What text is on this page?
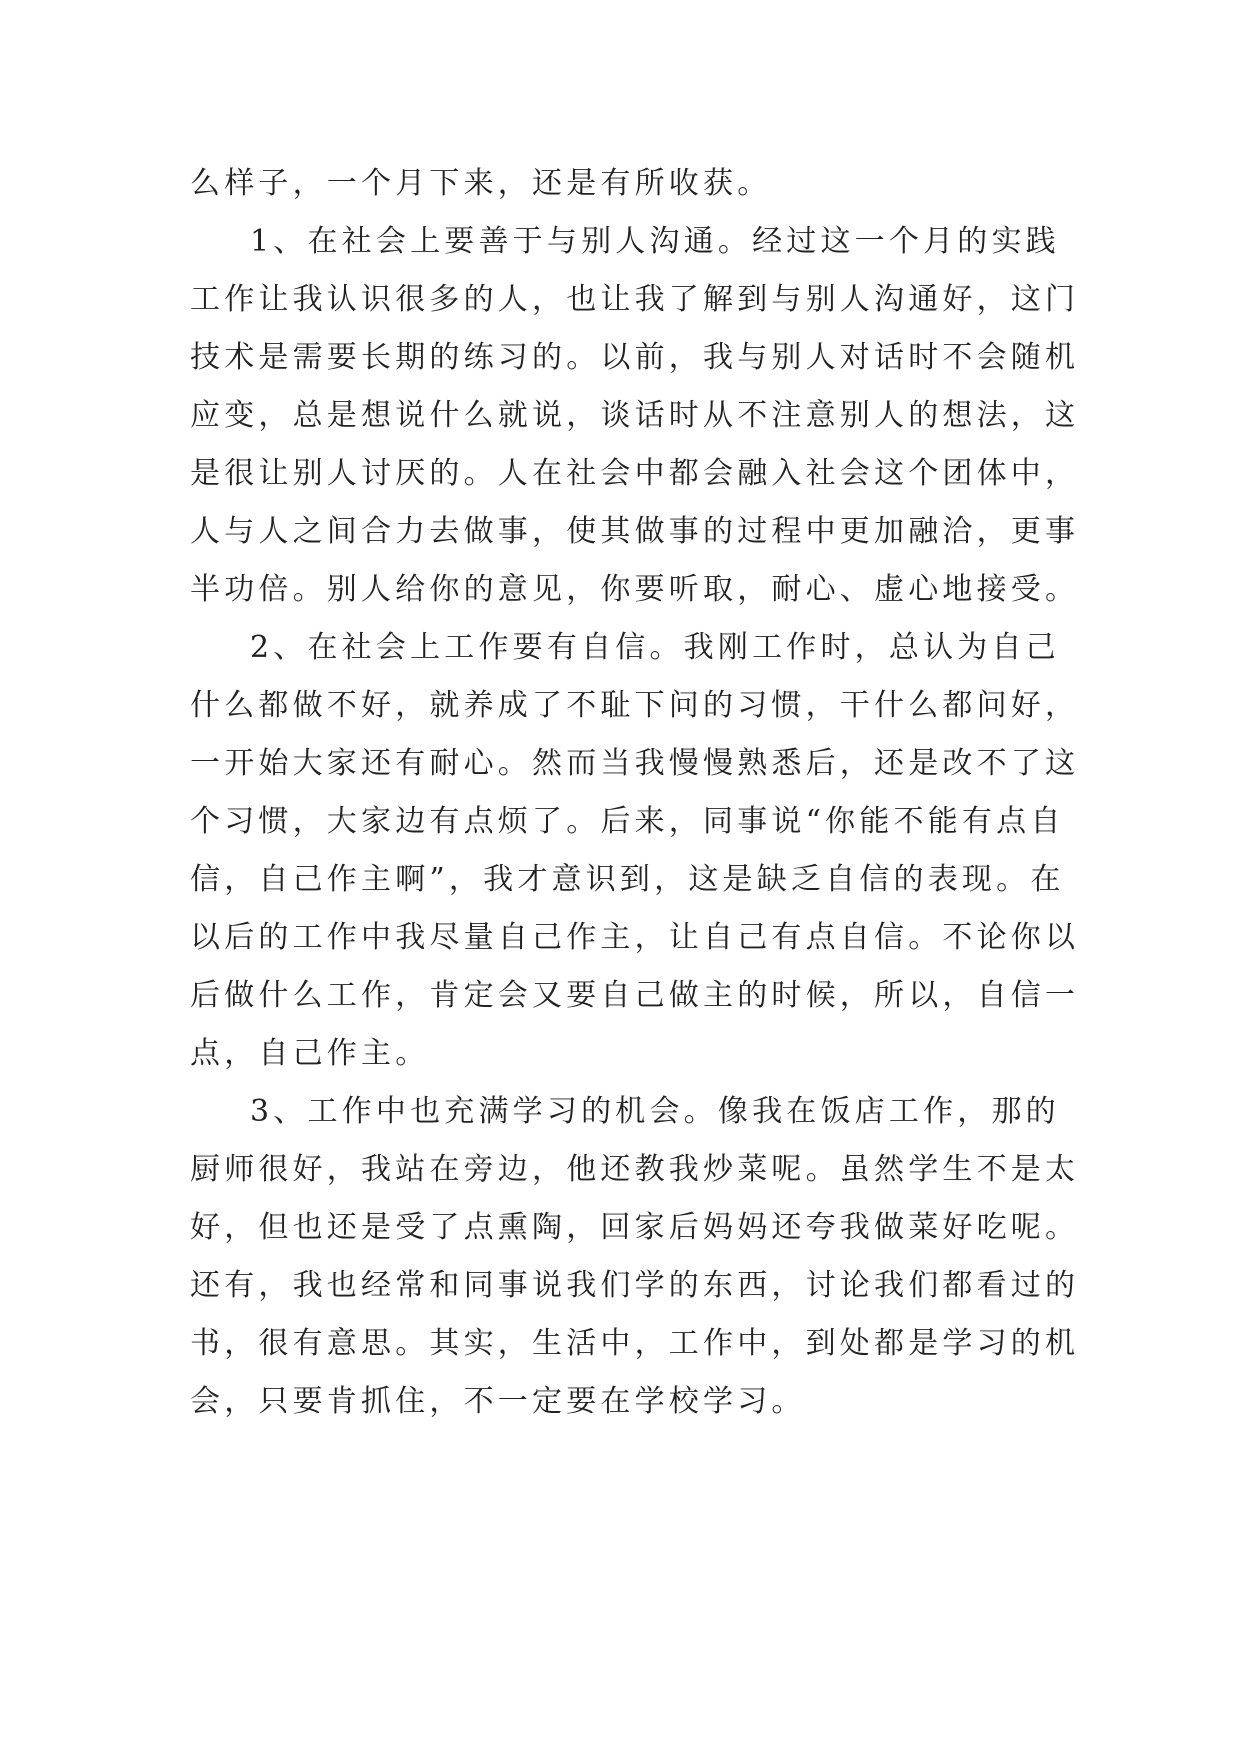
么样子，一个月下来，还是有所收获。
1、在社会上要善于与别人沟通。经过这一个月的实践
工作让我认识很多的人，也让我了解到与别人沟通好，这门
技术是需要长期的练习的。以前，我与别人对话时不会随机
应变，总是想说什么就说，谈话时从不注意别人的想法，这
是很让别人讨厌的。人在社会中都会融入社会这个团体中，
人与人之间合力去做事，使其做事的过程中更加融洽，更事
半功倍。别人给你的意见，你要听取，耐心、虚心地接受。
2、在社会上工作要有自信。我刚工作时，总认为自己
什么都做不好，就养成了不耻下问的习惯，干什么都问好，
一开始大家还有耐心。然而当我慢慢熟悉后，还是改不了这
个习惯，大家边有点烦了。后来，同事说“你能不能有点自
信，自己作主啊”，我才意识到，这是缺乏自信的表现。在
以后的工作中我尽量自己作主，让自己有点自信。不论你以
后做什么工作，肯定会又要自己做主的时候，所以，自信一
点，自己作主。
3、工作中也充满学习的机会。像我在饭店工作，那的
厨师很好，我站在旁边，他还教我炒菜呢。虽然学生不是太
好，但也还是受了点熏陶，回家后妈妈还夸我做菜好吃呢。
还有，我也经常和同事说我们学的东西，讨论我们都看过的
书，很有意思。其实，生活中，工作中，到处都是学习的机
会，只要肯抓住，不一定要在学校学习。
